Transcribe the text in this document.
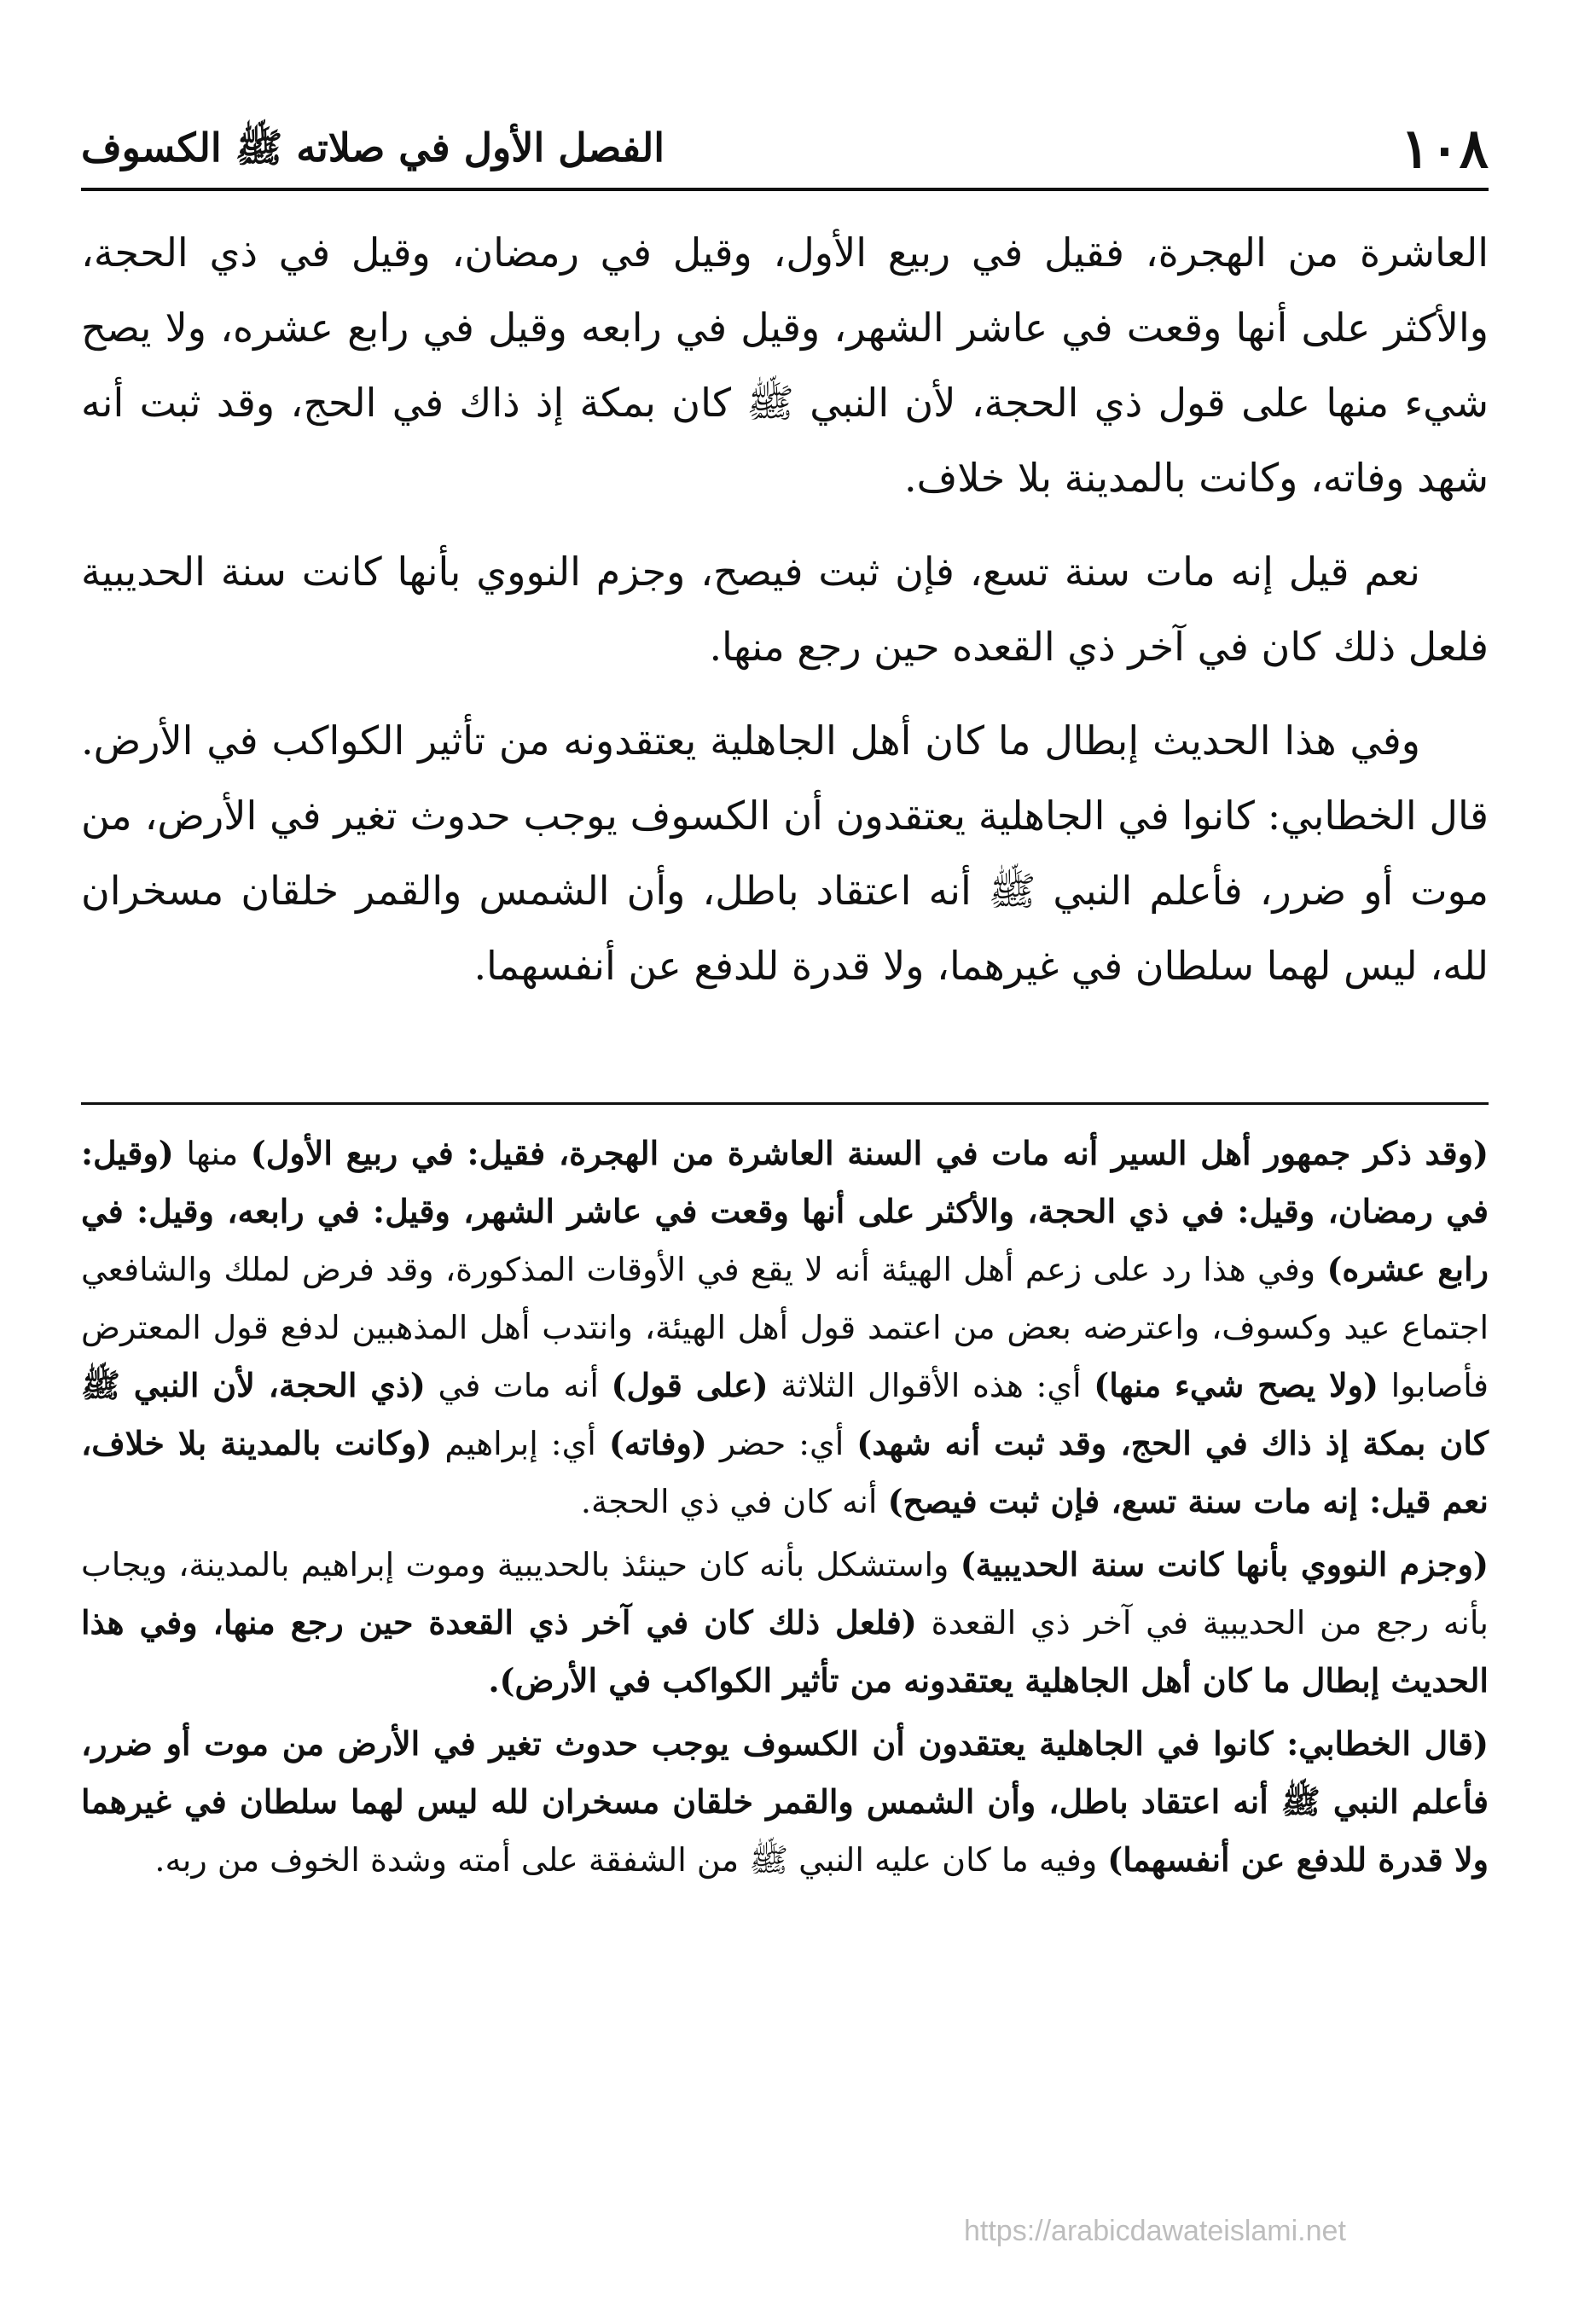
١٠٨
الفصل الأول في صلاته ﷺ الكسوف

العاشرة من الهجرة، فقيل في ربيع الأول، وقيل في رمضان، وقيل في ذي الحجة، والأكثر على أنها وقعت في عاشر الشهر، وقيل في رابعه وقيل في رابع عشره، ولا يصح شيء منها على قول ذي الحجة، لأن النبي ﷺ كان بمكة إذ ذاك في الحج، وقد ثبت أنه شهد وفاته، وكانت بالمدينة بلا خلاف.

نعم قيل إنه مات سنة تسع، فإن ثبت فيصح، وجزم النووي بأنها كانت سنة الحديبية فلعل ذلك كان في آخر ذي القعده حين رجع منها.

وفي هذا الحديث إبطال ما كان أهل الجاهلية يعتقدونه من تأثير الكواكب في الأرض. قال الخطابي: كانوا في الجاهلية يعتقدون أن الكسوف يوجب حدوث تغير في الأرض، من موت أو ضرر، فأعلم النبي ﷺ أنه اعتقاد باطل، وأن الشمس والقمر خلقان مسخران لله، ليس لهما سلطان في غيرهما، ولا قدرة للدفع عن أنفسهما.

(وقد ذكر جمهور أهل السير أنه مات في السنة العاشرة من الهجرة، فقيل: في ربيع الأول) منها (وقيل: في رمضان، وقيل: في ذي الحجة، والأكثر على أنها وقعت في عاشر الشهر، وقيل: في رابعه، وقيل: في رابع عشره) وفي هذا رد على زعم أهل الهيئة أنه لا يقع في الأوقات المذكورة، وقد فرض لملك والشافعي اجتماع عيد وكسوف، واعترضه بعض من اعتمد قول أهل الهيئة، وانتدب أهل المذهبين لدفع قول المعترض فأصابوا (ولا يصح شيء منها) أي: هذه الأقوال الثلاثة (على قول) أنه مات في (ذي الحجة، لأن النبي ﷺ كان بمكة إذ ذاك في الحج، وقد ثبت أنه شهد) أي: حضر (وفاته) أي: إبراهيم (وكانت بالمدينة بلا خلاف، نعم قيل: إنه مات سنة تسع، فإن ثبت فيصح) أنه كان في ذي الحجة.

(وجزم النووي بأنها كانت سنة الحديبية) واستشكل بأنه كان حينئذ بالحديبية وموت إبراهيم بالمدينة، ويجاب بأنه رجع من الحديبية في آخر ذي القعدة (فلعل ذلك كان في آخر ذي القعدة حين رجع منها، وفي هذا الحديث إبطال ما كان أهل الجاهلية يعتقدونه من تأثير الكواكب في الأرض).

(قال الخطابي: كانوا في الجاهلية يعتقدون أن الكسوف يوجب حدوث تغير في الأرض من موت أو ضرر، فأعلم النبي ﷺ أنه اعتقاد باطل، وأن الشمس والقمر خلقان مسخران لله ليس لهما سلطان في غيرهما ولا قدرة للدفع عن أنفسهما) وفيه ما كان عليه النبي ﷺ من الشفقة على أمته وشدة الخوف من ربه.

https://arabicdawateislami.net
